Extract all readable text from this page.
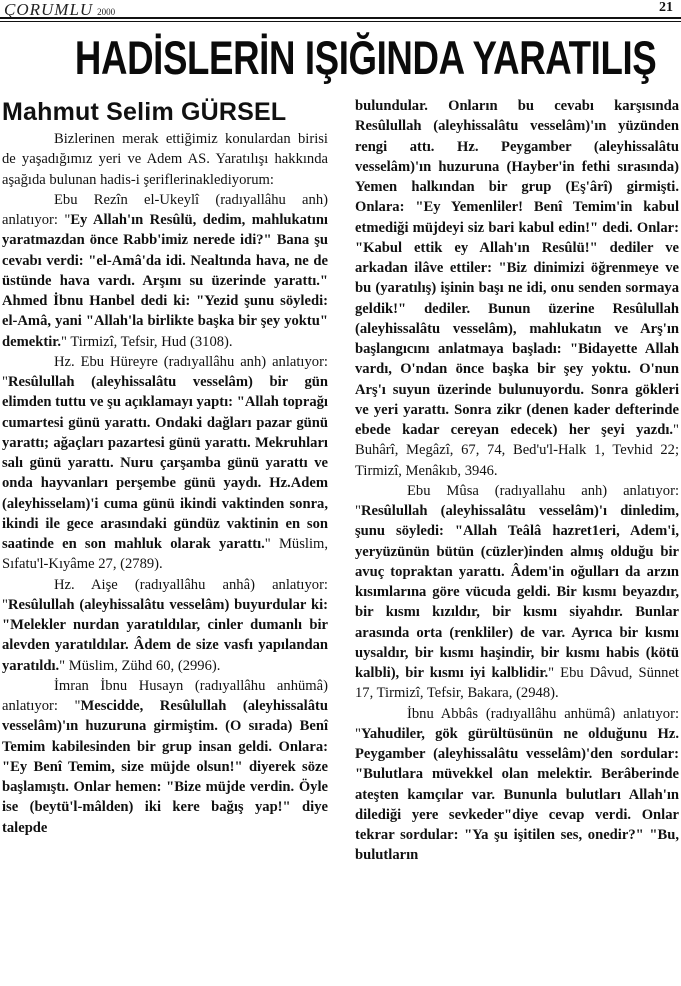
ÇORUMLU 2000	21
HADİSLERİN IŞIĞINDA YARATILIŞ
Mahmut Selim GÜRSEL

Bizlerinen merak ettiğimiz konulardan birisi de yaşadığımız yeri ve Adem AS. Yaratılışı hakkında aşağıda bulunan hadis-i şeriflerinaklediyorum:

Ebu Rezîn el-Ukeylî (radıyallâhu anh) anlatıyor: "Ey Allah'ın Resûlü, dedim, mahlukatını yaratmazdan önce Rabb'imiz nerede idi?" Bana şu cevabı verdi: "el-Amâ'da idi. Nealtında hava, ne de üstünde hava vardı. Arşını su üzerinde yarattı." Ahmed İbnu Hanbel dedi ki: "Yezid şunu söyledi: el-Amâ, yani "Allah'la birlikte başka bir şey yoktu" demektir." Tirmizî, Tefsir, Hud (3108).

Hz. Ebu Hüreyre (radıyallâhu anh) anlatıyor: "Resûlullah (aleyhissalâtu vesselâm) bir gün elimden tuttu ve şu açıklamayı yaptı: "Allah toprağı cumartesi günü yarattı. Ondaki dağları pazar günü yarattı; ağaçları pazartesi günü yarattı. Mekruhları salı günü yarattı. Nuru çarşamba günü yarattı ve onda hayvanları perşembe günü yaydı. Hz.Adem (aleyhisselam)'i cuma günü ikindi vaktinden sonra, ikindi ile gece arasındaki gündüz vaktinin en son saatinde en son mahluk olarak yarattı." Müslim, Sıfatu'l-Kıyâme 27, (2789).

Hz. Aişe (radıyallâhu anhâ) anlatıyor: "Resûlullah (aleyhissalâtu vesselâm) buyurdular ki: "Melekler nurdan yaratıldılar, cinler dumanlı bir alevden yaratıldılar. Âdem de size vasfı yapılandan yaratıldı." Müslim, Zühd 60, (2996).

İmran İbnu Husayn (radıyallâhu anhümâ) anlatıyor: "Mescidde, Resûlullah (aleyhissalâtu vesselâm)'ın huzuruna girmiştim. (O sırada) Benî Temim kabilesinden bir grup insan geldi. Onlara: "Ey Benî Temim, size müjde olsun!" diyerek söze başlamıştı. Onlar hemen: "Bize müjde verdin. Öyle ise (beytü'l-mâlden) iki kere bağış yap!" diye talepde

bulundular. Onların bu cevabı karşısında Resûlullah (aleyhissalâtu vesselâm)'ın yüzünden rengi attı. Hz. Peygamber (aleyhissalâtu vesselâm)'ın huzuruna (Hayber'in fethi sırasında) Yemen halkından bir grup (Eş'ârî) girmişti. Onlara: "Ey Yemenliler! Benî Temim'in kabul etmediği müjdeyi siz bari kabul edin!" dedi. Onlar: "Kabul ettik ey Allah'ın Resûlü!" dediler ve arkadan ilâve ettiler: "Biz dinimizi öğrenmeye ve bu (yaratılış) işinin başı ne idi, onu senden sormaya geldik!" dediler. Bunun üzerine Resûlullah (aleyhissalâtu vesselâm), mahlukatın ve Arş'ın başlangıcını anlatmaya başladı: "Bidayette Allah vardı, O'ndan önce başka bir şey yoktu. O'nun Arş'ı suyun üzerinde bulunuyordu. Sonra gökleri ve yeri yarattı. Sonra zikr (denen kader defterinde ebede kadar cereyan edecek) her şeyi yazdı." Buhârî, Megâzî, 67, 74, Bed'u'l-Halk 1, Tevhid 22; Tirmizî, Menâkıb, 3946.

Ebu Mûsa (radıyallahu anh) anlatıyor: "Resûlullah (aleyhissalâtu vesselâm)'ı dinledim, şunu söyledi: "Allah Teâlâ hazret1eri, Adem'i, yeryüzünün bütün (cüzler)inden almış olduğu bir avuç topraktan yarattı. Âdem'in oğulları da arzın kısımlarına göre vücuda geldi. Bir kısmı beyazdır, bir kısmı kızıldır, bir kısmı siyahdır. Bunlar arasında orta (renkliler) de var. Ayrıca bir kısmı uysaldır, bir kısmı haşindir, bir kısmı habis (kötü kalbli), bir kısmı iyi kalblidir." Ebu Dâvud, Sünnet 17, Tirmizî, Tefsir, Bakara, (2948).

İbnu Abbâs (radıyallâhu anhümâ) anlatıyor: "Yahudiler, gök gürültüsünün ne olduğunu Hz. Peygamber (aleyhissalâtu vesselâm)'den sordular: "Bulutlara müvekkel olan melektir. Berâberinde ateşten kamçılar var. Bununla bulutları Allah'ın dilediği yere sevkeder"diye cevap verdi. Onlar tekrar sordular: "Ya şu işitilen ses, onedir?" "Bu, bulutların
